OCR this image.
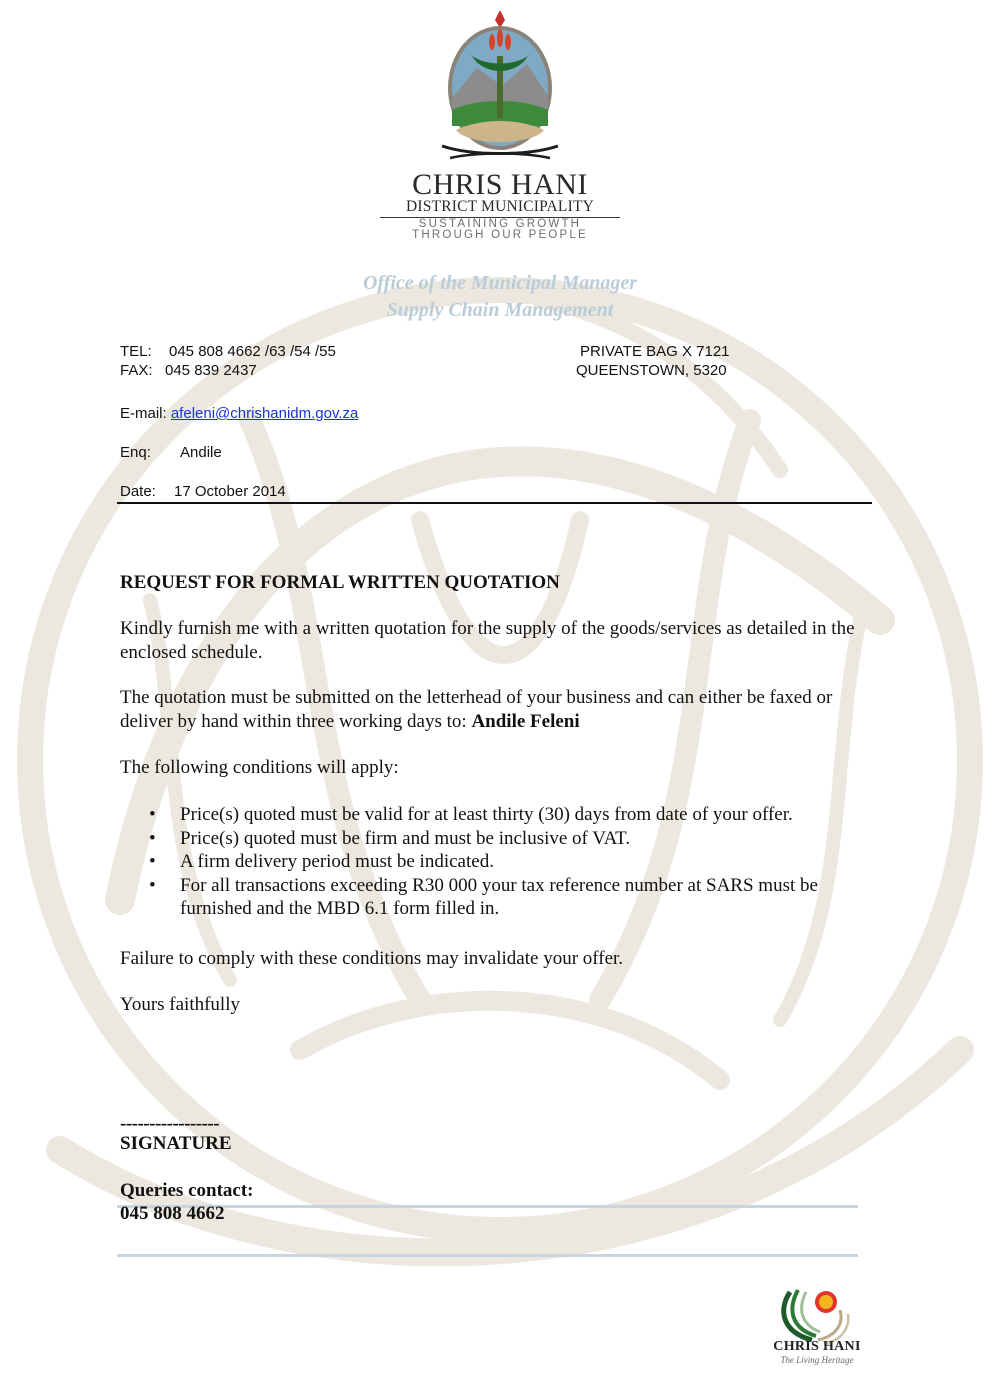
CHRIS HANI
DISTRICT MUNICIPALITY
SUSTAINING GROWTH
THROUGH OUR PEOPLE
Office of the Municipal Manager
Supply Chain Management
TEL: 045 808 4662 /63 /54 /55
FAX: 045 839 2437
PRIVATE BAG X 7121
QUEENSTOWN, 5320
E-mail: afeleni@chrishanidm.gov.za
Enq: Andile
Date: 17 October 2014
REQUEST FOR FORMAL WRITTEN QUOTATION
Kindly furnish me with a written quotation for the supply of the goods/services as detailed in the enclosed schedule.
The quotation must be submitted on the letterhead of your business and can either be faxed or deliver by hand within three working days to: Andile Feleni
The following conditions will apply:
• Price(s) quoted must be valid for at least thirty (30) days from date of your offer.
• Price(s) quoted must be firm and must be inclusive of VAT.
• A firm delivery period must be indicated.
• For all transactions exceeding R30 000 your tax reference number at SARS must be furnished and the MBD 6.1 form filled in.
Failure to comply with these conditions may invalidate your offer.
Yours faithfully
-----------------
SIGNATURE
Queries contact:
045 808 4662
CHRIS HANI
The Living Heritage
